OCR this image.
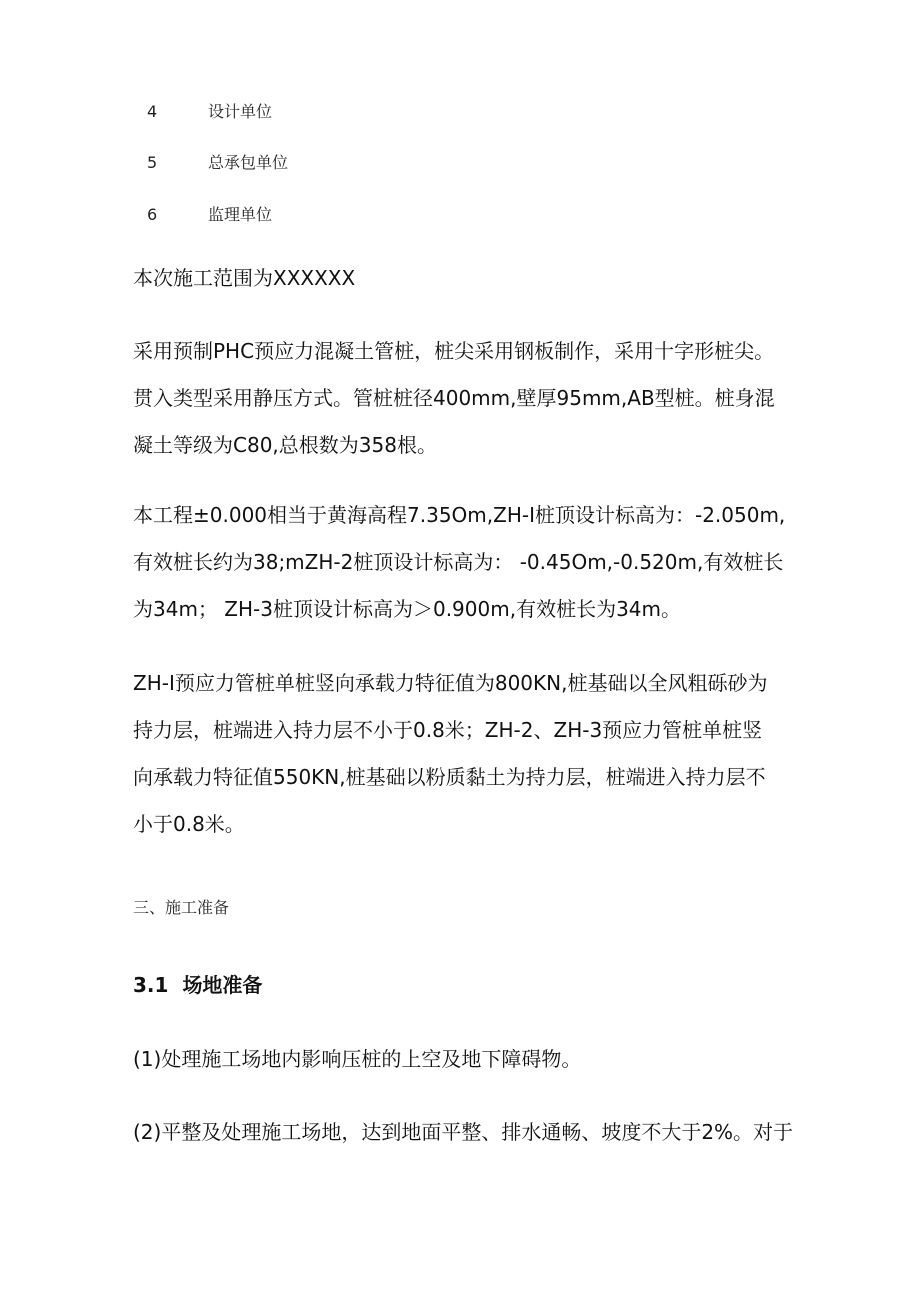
4	设计单位
5	总承包单位
6	监理单位

本次施工范围为XXXXXX

采用预制PHC预应力混凝土管桩，桩尖采用钢板制作，采用十字形桩尖。
贯入类型采用静压方式。管桩桩径400mm,壁厚95mm,AB型桩。桩身混
凝土等级为C80,总根数为358根。

本工程±0.000相当于黄海高程7.35Om,ZH-I桩顶设计标高为：-2.050m,
有效桩长约为38;mZH-2桩顶设计标高为： -0.45Om,-0.520m,有效桩长
为34m； ZH-3桩顶设计标高为＞0.900m,有效桩长为34m。

ZH-I预应力管桩单桩竖向承载力特征值为800KN,桩基础以全风粗砾砂为
持力层，桩端进入持力层不小于0.8米；ZH-2、ZH-3预应力管桩单桩竖
向承载力特征值550KN,桩基础以粉质黏土为持力层，桩端进入持力层不
小于0.8米。

三、施工准备
3.1 场地准备

(1)处理施工场地内影响压桩的上空及地下障碍物。

(2)平整及处理施工场地，达到地面平整、排水通畅、坡度不大于2%。对于
